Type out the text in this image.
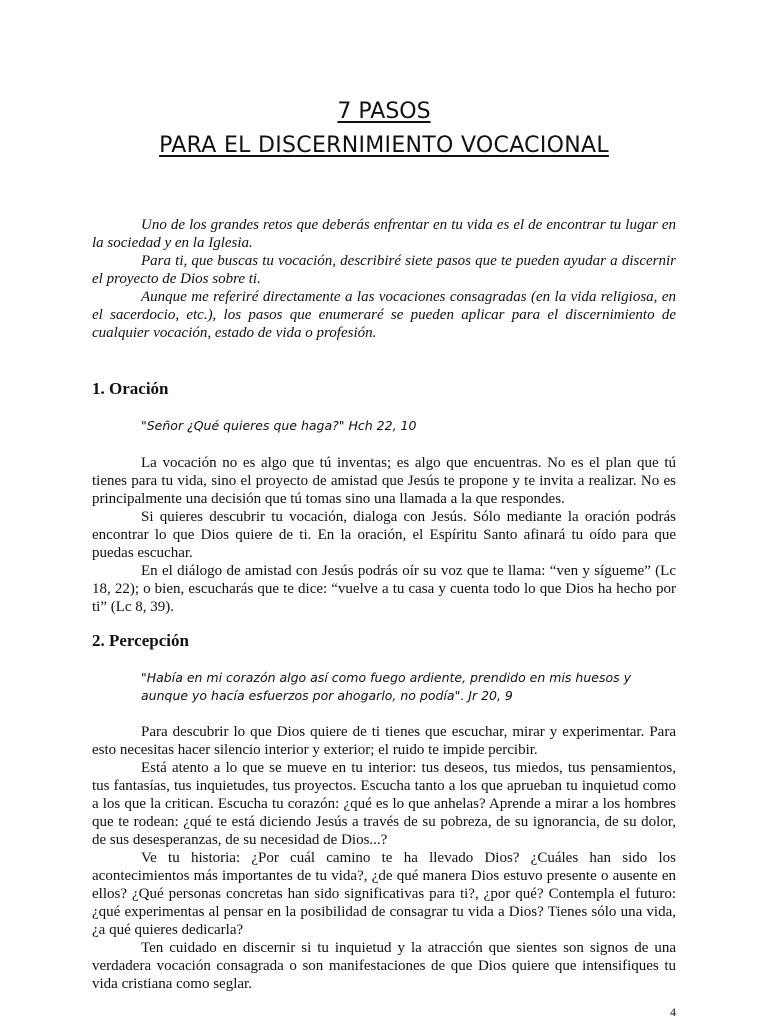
7 PASOS
PARA EL DISCERNIMIENTO VOCACIONAL

Uno de los grandes retos que deberás enfrentar en tu vida es el de encontrar tu lugar en la sociedad y en la Iglesia.

Para ti, que buscas tu vocación, describiré siete pasos que te pueden ayudar a discernir el proyecto de Dios sobre ti.

Aunque me referiré directamente a las vocaciones consagradas (en la vida religiosa, en el sacerdocio, etc.), los pasos que enumeraré se pueden aplicar para el discernimiento de cualquier vocación, estado de vida o profesión.

1. Oración

"Señor ¿Qué quieres que haga?" Hch 22, 10

La vocación no es algo que tú inventas; es algo que encuentras. No es el plan que tú tienes para tu vida, sino el proyecto de amistad que Jesús te propone y te invita a realizar. No es principalmente una decisión que tú tomas sino una llamada a la que respondes.

Si quieres descubrir tu vocación, dialoga con Jesús. Sólo mediante la oración podrás encontrar lo que Dios quiere de ti. En la oración, el Espíritu Santo afinará tu oído para que puedas escuchar.

En el diálogo de amistad con Jesús podrás oír su voz que te llama: “ven y sígueme” (Lc 18, 22); o bien, escucharás que te dice: “vuelve a tu casa y cuenta todo lo que Dios ha hecho por ti” (Lc 8, 39).

2. Percepción

"Había en mi corazón algo así como fuego ardiente, prendido en mis huesos y aunque yo hacía esfuerzos por ahogarlo, no podía". Jr 20, 9

Para descubrir lo que Dios quiere de ti tienes que escuchar, mirar y experimentar. Para esto necesitas hacer silencio interior y exterior; el ruido te impide percibir.

Está atento a lo que se mueve en tu interior: tus deseos, tus miedos, tus pensamientos, tus fantasías, tus inquietudes, tus proyectos. Escucha tanto a los que aprueban tu inquietud como a los que la critican. Escucha tu corazón: ¿qué es lo que anhelas? Aprende a mirar a los hombres que te rodean: ¿qué te está diciendo Jesús a través de su pobreza, de su ignorancia, de su dolor, de sus desesperanzas, de su necesidad de Dios...?

Ve tu historia: ¿Por cuál camino te ha llevado Dios? ¿Cuáles han sido los acontecimientos más importantes de tu vida?, ¿de qué manera Dios estuvo presente o ausente en ellos? ¿Qué personas concretas han sido significativas para ti?, ¿por qué? Contempla el futuro: ¿qué experimentas al pensar en la posibilidad de consagrar tu vida a Dios? Tienes sólo una vida, ¿a qué quieres dedicarla?

Ten cuidado en discernir si tu inquietud y la atracción que sientes son signos de una verdadera vocación consagrada o son manifestaciones de que Dios quiere que intensifiques tu vida cristiana como seglar.

4
